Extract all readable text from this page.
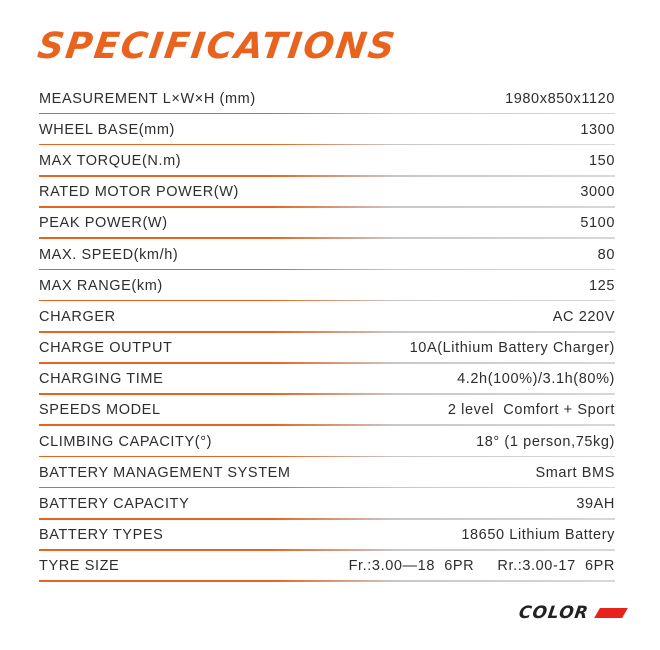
SPECIFICATIONS
MEASUREMENT L×W×H (mm)	1980x850x1120
WHEEL BASE(mm)	1300
MAX TORQUE(N.m)	150
RATED MOTOR POWER(W)	3000
PEAK POWER(W)	5100
MAX. SPEED(km/h)	80
MAX RANGE(km)	125
CHARGER	AC 220V
CHARGE OUTPUT	10A(Lithium Battery Charger)
CHARGING TIME	4.2h(100%)/3.1h(80%)
SPEEDS MODEL	2 level  Comfort + Sport
CLIMBING CAPACITY(°)	18° (1 person,75kg)
BATTERY MANAGEMENT SYSTEM	Smart BMS
BATTERY CAPACITY	39AH
BATTERY TYPES	18650 Lithium Battery
TYRE SIZE	Fr.:3.00—18  6PR     Rr.:3.00-17  6PR
COLOR
